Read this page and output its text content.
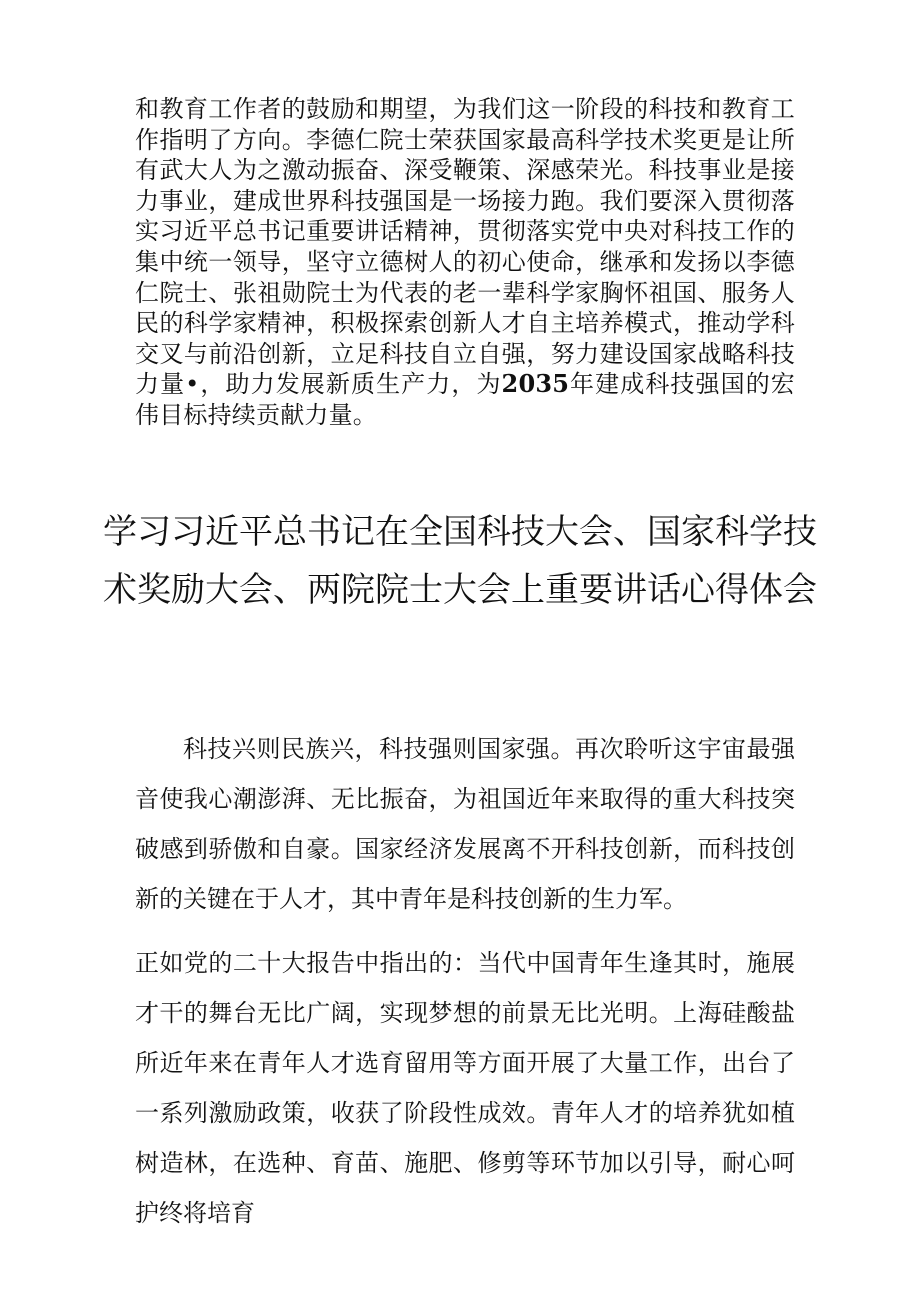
和教育工作者的鼓励和期望，为我们这一阶段的科技和教育工作指明了方向。李德仁院士荣获国家最高科学技术奖更是让所有武大人为之激动振奋、深受鞭策、深感荣光。科技事业是接力事业，建成世界科技强国是一场接力跑。我们要深入贯彻落实习近平总书记重要讲话精神，贯彻落实党中央对科技工作的集中统一领导，坚守立德树人的初心使命，继承和发扬以李德仁院士、张祖勋院士为代表的老一辈科学家胸怀祖国、服务人民的科学家精神，积极探索创新人才自主培养模式，推动学科交叉与前沿创新，立足科技自立自强，努力建设国家战略科技力量•，助力发展新质生产力，为2035年建成科技强国的宏伟目标持续贡献力量。

学习习近平总书记在全国科技大会、国家科学技术奖励大会、两院院士大会上重要讲话心得体会

科技兴则民族兴，科技强则国家强。再次聆听这宇宙最强音使我心潮澎湃、无比振奋，为祖国近年来取得的重大科技突破感到骄傲和自豪。国家经济发展离不开科技创新，而科技创新的关键在于人才，其中青年是科技创新的生力军。

正如党的二十大报告中指出的：当代中国青年生逢其时，施展才干的舞台无比广阔，实现梦想的前景无比光明。上海硅酸盐所近年来在青年人才选育留用等方面开展了大量工作，出台了一系列激励政策，收获了阶段性成效。青年人才的培养犹如植树造林，在选种、育苗、施肥、修剪等环节加以引导，耐心呵护终将培育
